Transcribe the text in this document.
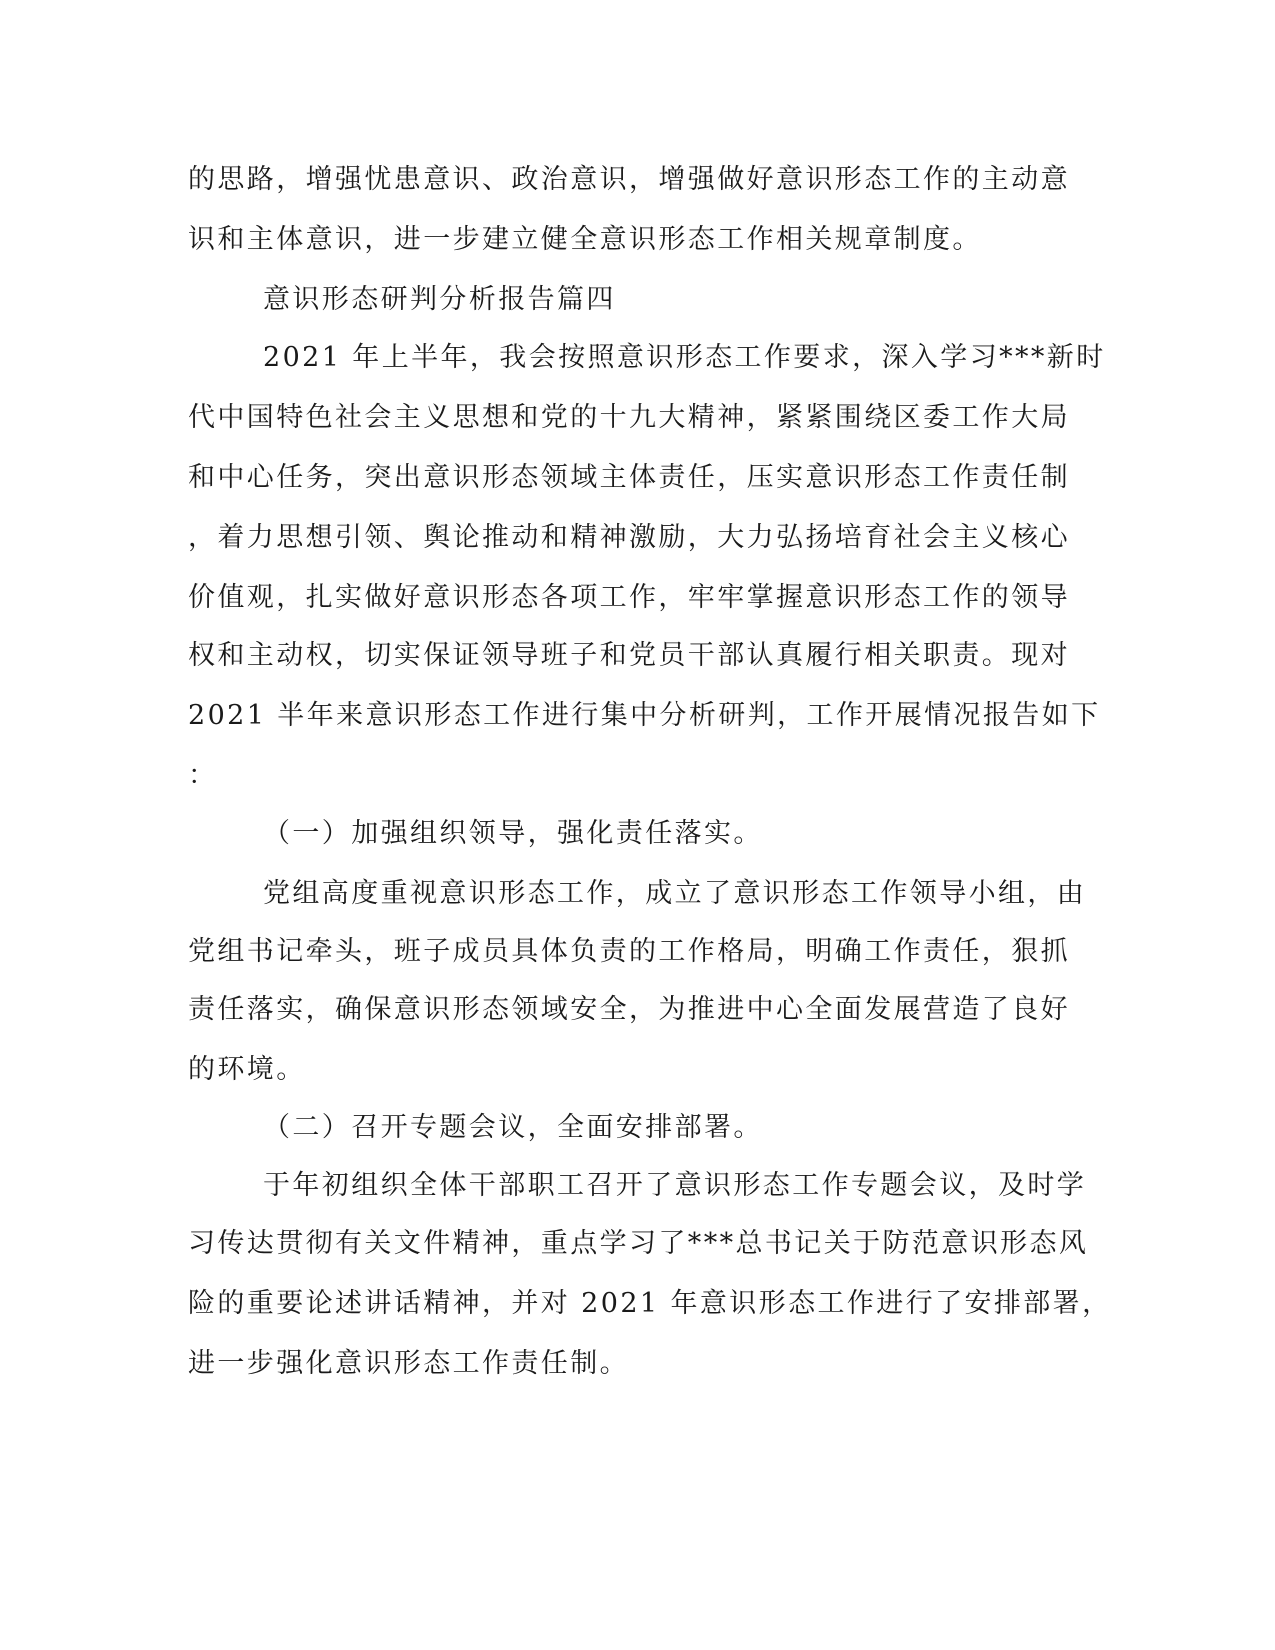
的思路，增强忧患意识、政治意识，增强做好意识形态工作的主动意
识和主体意识，进一步建立健全意识形态工作相关规章制度。
意识形态研判分析报告篇四
2021 年上半年，我会按照意识形态工作要求，深入学习***新时
代中国特色社会主义思想和党的十九大精神，紧紧围绕区委工作大局
和中心任务，突出意识形态领域主体责任，压实意识形态工作责任制
，着力思想引领、舆论推动和精神激励，大力弘扬培育社会主义核心
价值观，扎实做好意识形态各项工作，牢牢掌握意识形态工作的领导
权和主动权，切实保证领导班子和党员干部认真履行相关职责。现对
2021 半年来意识形态工作进行集中分析研判，工作开展情况报告如下
：
（一）加强组织领导，强化责任落实。
党组高度重视意识形态工作，成立了意识形态工作领导小组，由
党组书记牵头，班子成员具体负责的工作格局，明确工作责任，狠抓
责任落实，确保意识形态领域安全，为推进中心全面发展营造了良好
的环境。
（二）召开专题会议，全面安排部署。
于年初组织全体干部职工召开了意识形态工作专题会议，及时学
习传达贯彻有关文件精神，重点学习了***总书记关于防范意识形态风
险的重要论述讲话精神，并对 2021 年意识形态工作进行了安排部署，
进一步强化意识形态工作责任制。
